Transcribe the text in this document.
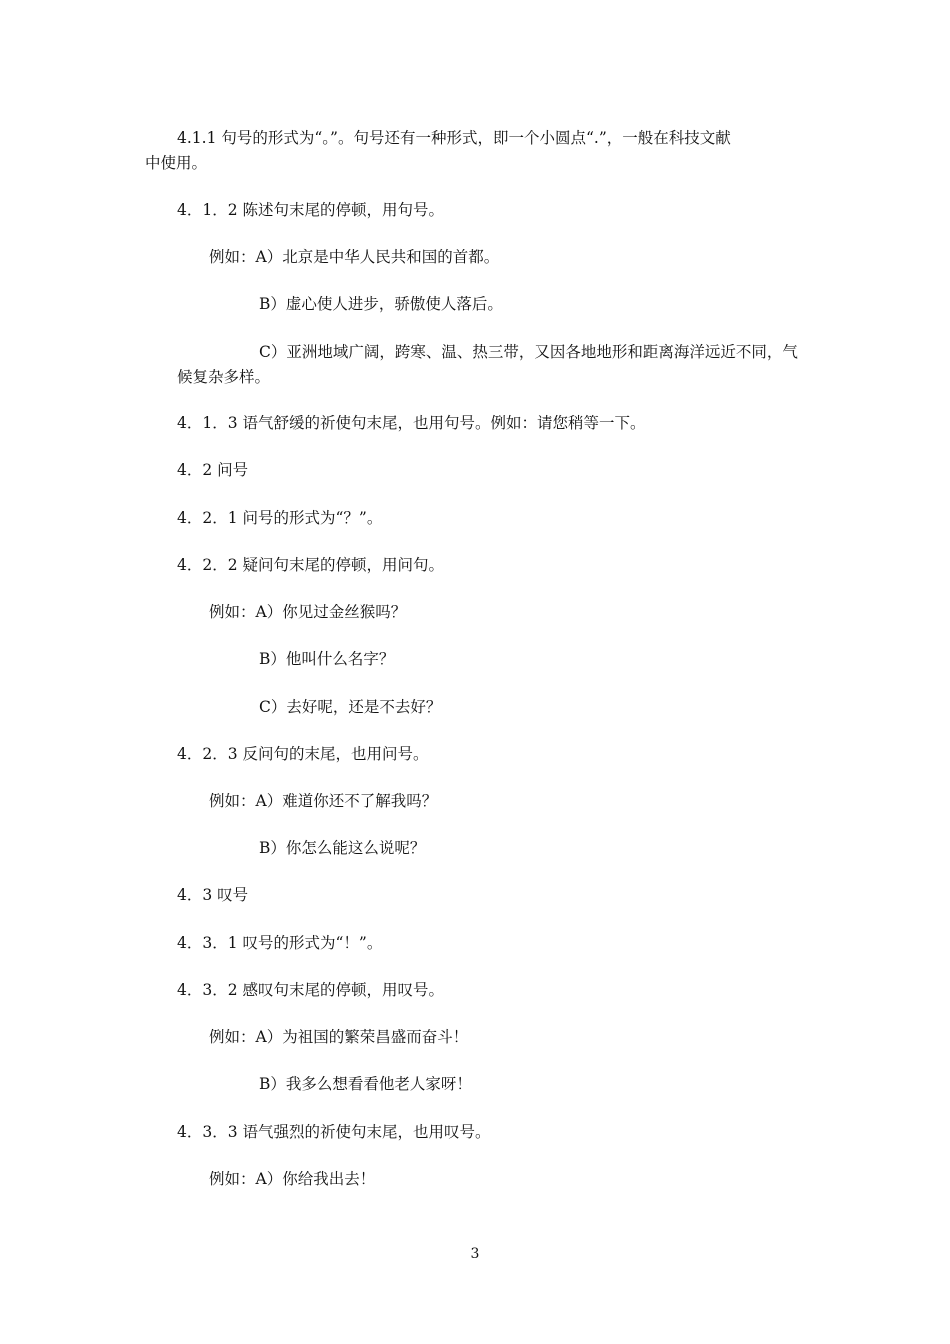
4.1.1 句号的形式为“。”。句号还有一种形式，即一个小圆点“.”，一般在科技文献
中使用。
4．1．2 陈述句末尾的停顿，用句号。
例如：A）北京是中华人民共和国的首都。
B）虚心使人进步，骄傲使人落后。
C）亚洲地域广阔，跨寒、温、热三带，又因各地地形和距离海洋远近不同，气
候复杂多样。
4．1．3 语气舒缓的祈使句末尾，也用句号。例如：请您稍等一下。
4．2 问号
4．2．1 问号的形式为“？”。
4．2．2 疑问句末尾的停顿，用问句。
例如：A）你见过金丝猴吗？
B）他叫什么名字？
C）去好呢，还是不去好？
4．2．3 反问句的末尾，也用问号。
例如：A）难道你还不了解我吗？
B）你怎么能这么说呢？
4．3 叹号
4．3．1 叹号的形式为“！”。
4．3．2 感叹句末尾的停顿，用叹号。
例如：A）为祖国的繁荣昌盛而奋斗！
B）我多么想看看他老人家呀！
4．3．3 语气强烈的祈使句末尾，也用叹号。
例如：A）你给我出去！
3
